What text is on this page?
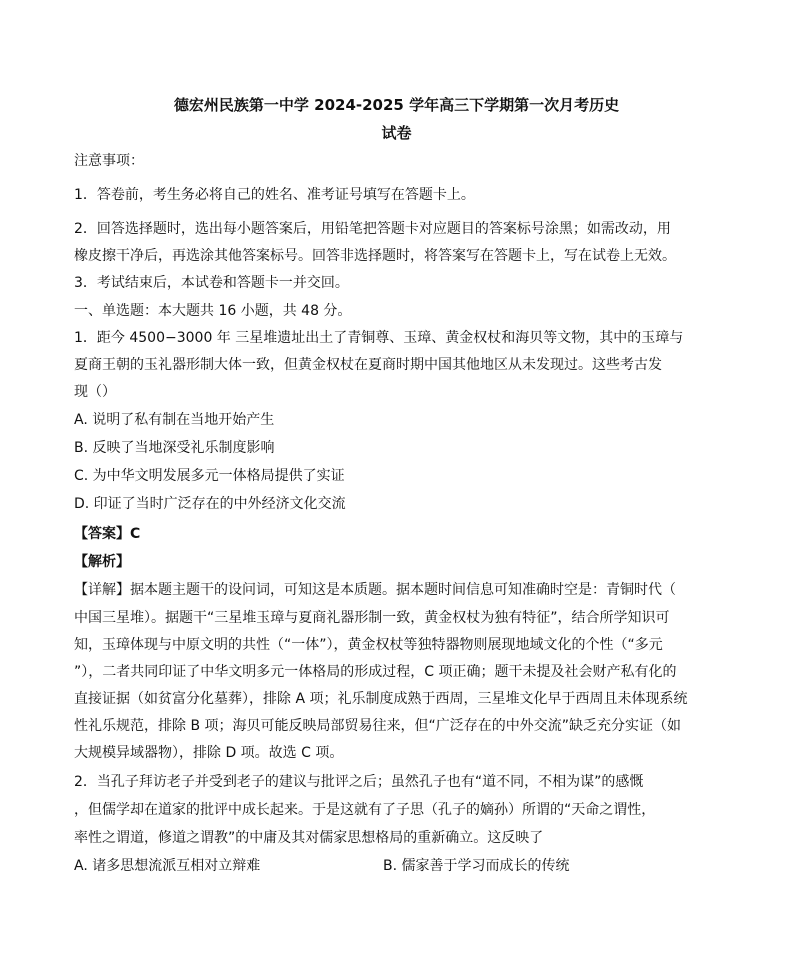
德宏州民族第一中学 2024-2025 学年高三下学期第一次月考历史
试卷
注意事项：
1．答卷前，考生务必将自己的姓名、准考证号填写在答题卡上。
2．回答选择题时，选出每小题答案后，用铅笔把答题卡对应题目的答案标号涂黑；如需改动，用
橡皮擦干净后，再选涂其他答案标号。回答非选择题时，将答案写在答题卡上，写在试卷上无效。
3．考试结束后，本试卷和答题卡一并交回。
一、单选题：本大题共 16 小题，共 48 分。
1．距今 4500−3000 年 三星堆遗址出土了青铜尊、玉璋、黄金权杖和海贝等文物，其中的玉璋与
夏商王朝的玉礼器形制大体一致，但黄金权杖在夏商时期中国其他地区从未发现过。这些考古发
现（）
A. 说明了私有制在当地开始产生
B. 反映了当地深受礼乐制度影响
C. 为中华文明发展多元一体格局提供了实证
D. 印证了当时广泛存在的中外经济文化交流
【答案】C
【解析】
【详解】据本题主题干的设问词，可知这是本质题。据本题时间信息可知准确时空是：青铜时代（
中国三星堆）。据题干“三星堆玉璋与夏商礼器形制一致，黄金权杖为独有特征”，结合所学知识可
知，玉璋体现与中原文明的共性（“一体”），黄金权杖等独特器物则展现地域文化的个性（“多元
”），二者共同印证了中华文明多元一体格局的形成过程，C 项正确；题干未提及社会财产私有化的
直接证据（如贫富分化墓葬），排除 A 项；礼乐制度成熟于西周，三星堆文化早于西周且未体现系统
性礼乐规范，排除 B 项；海贝可能反映局部贸易往来，但“广泛存在的中外交流”缺乏充分实证（如
大规模异域器物），排除 D 项。故选 C 项。
2．当孔子拜访老子并受到老子的建议与批评之后；虽然孔子也有“道不同，不相为谋”的感慨
，但儒学却在道家的批评中成长起来。于是这就有了子思（孔子的嫡孙）所谓的“天命之谓性，
率性之谓道，修道之谓教”的中庸及其对儒家思想格局的重新确立。这反映了
A. 诸多思想流派互相对立辩难	B. 儒家善于学习而成长的传统
